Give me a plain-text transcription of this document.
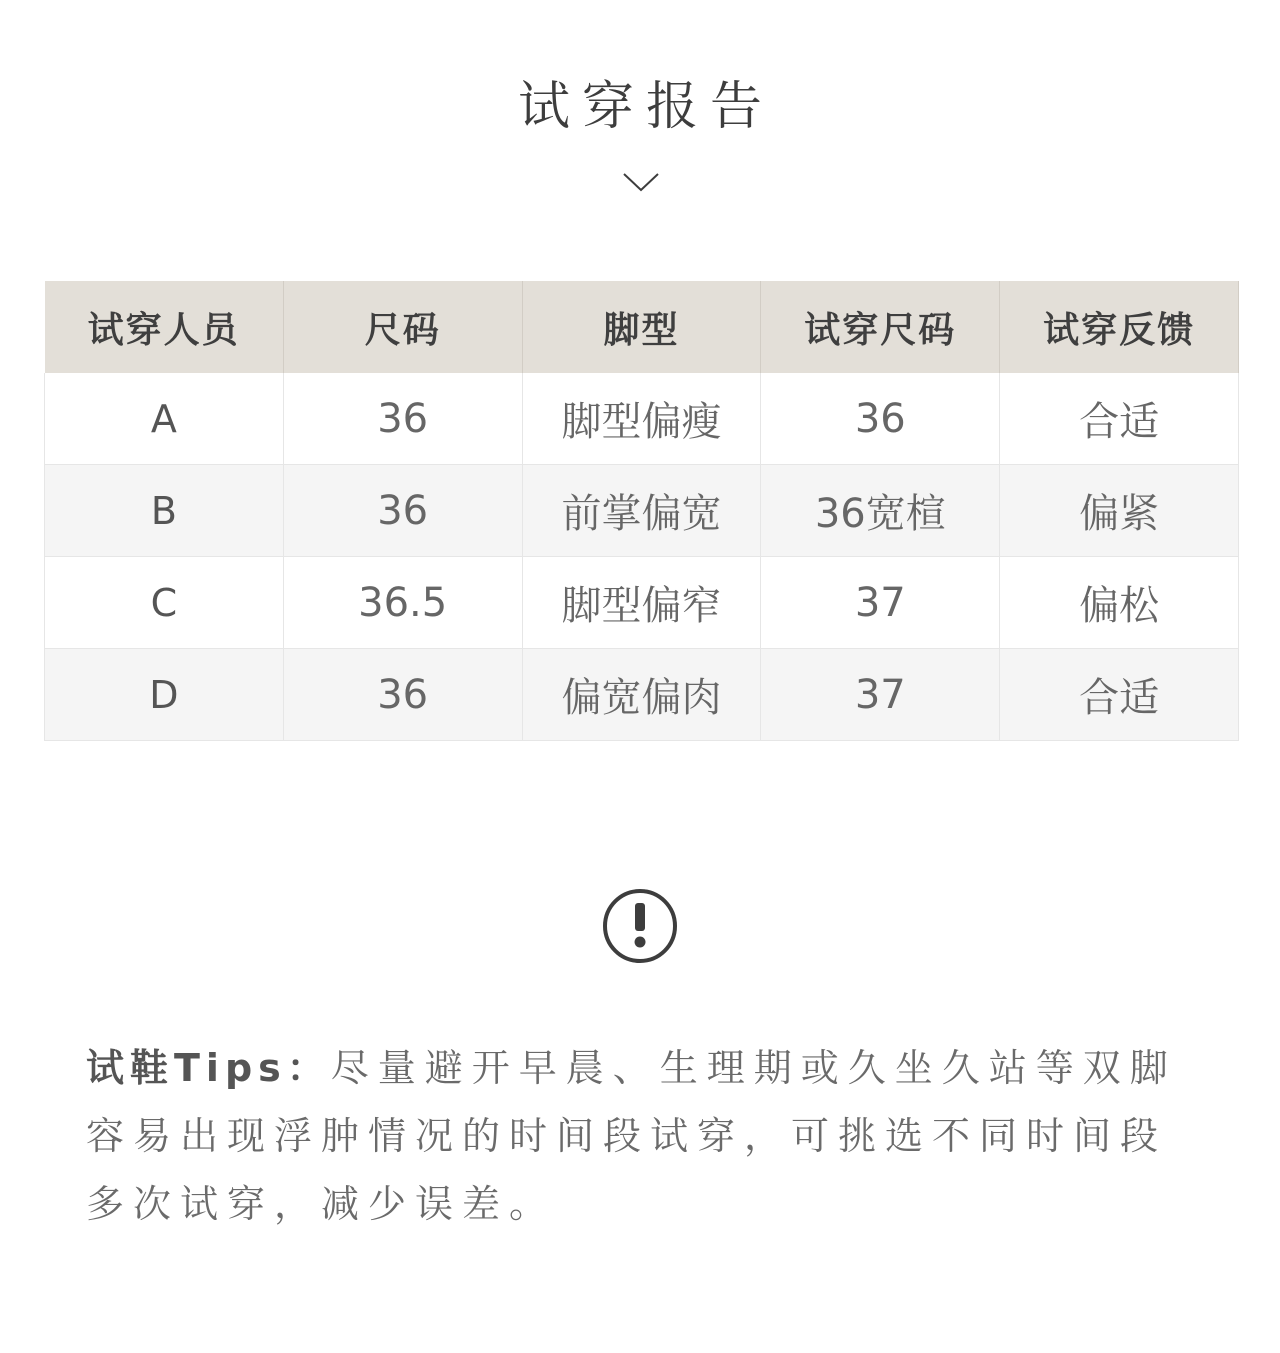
试穿报告
试穿人员	尺码	脚型	试穿尺码	试穿反馈
A	36	脚型偏瘦	36	合适
B	36	前掌偏宽	36宽楦	偏紧
C	36.5	脚型偏窄	37	偏松
D	36	偏宽偏肉	37	合适
试鞋Tips：尽量避开早晨、生理期或久坐久站等双脚容易出现浮肿情况的时间段试穿，可挑选不同时间段多次试穿，减少误差。
